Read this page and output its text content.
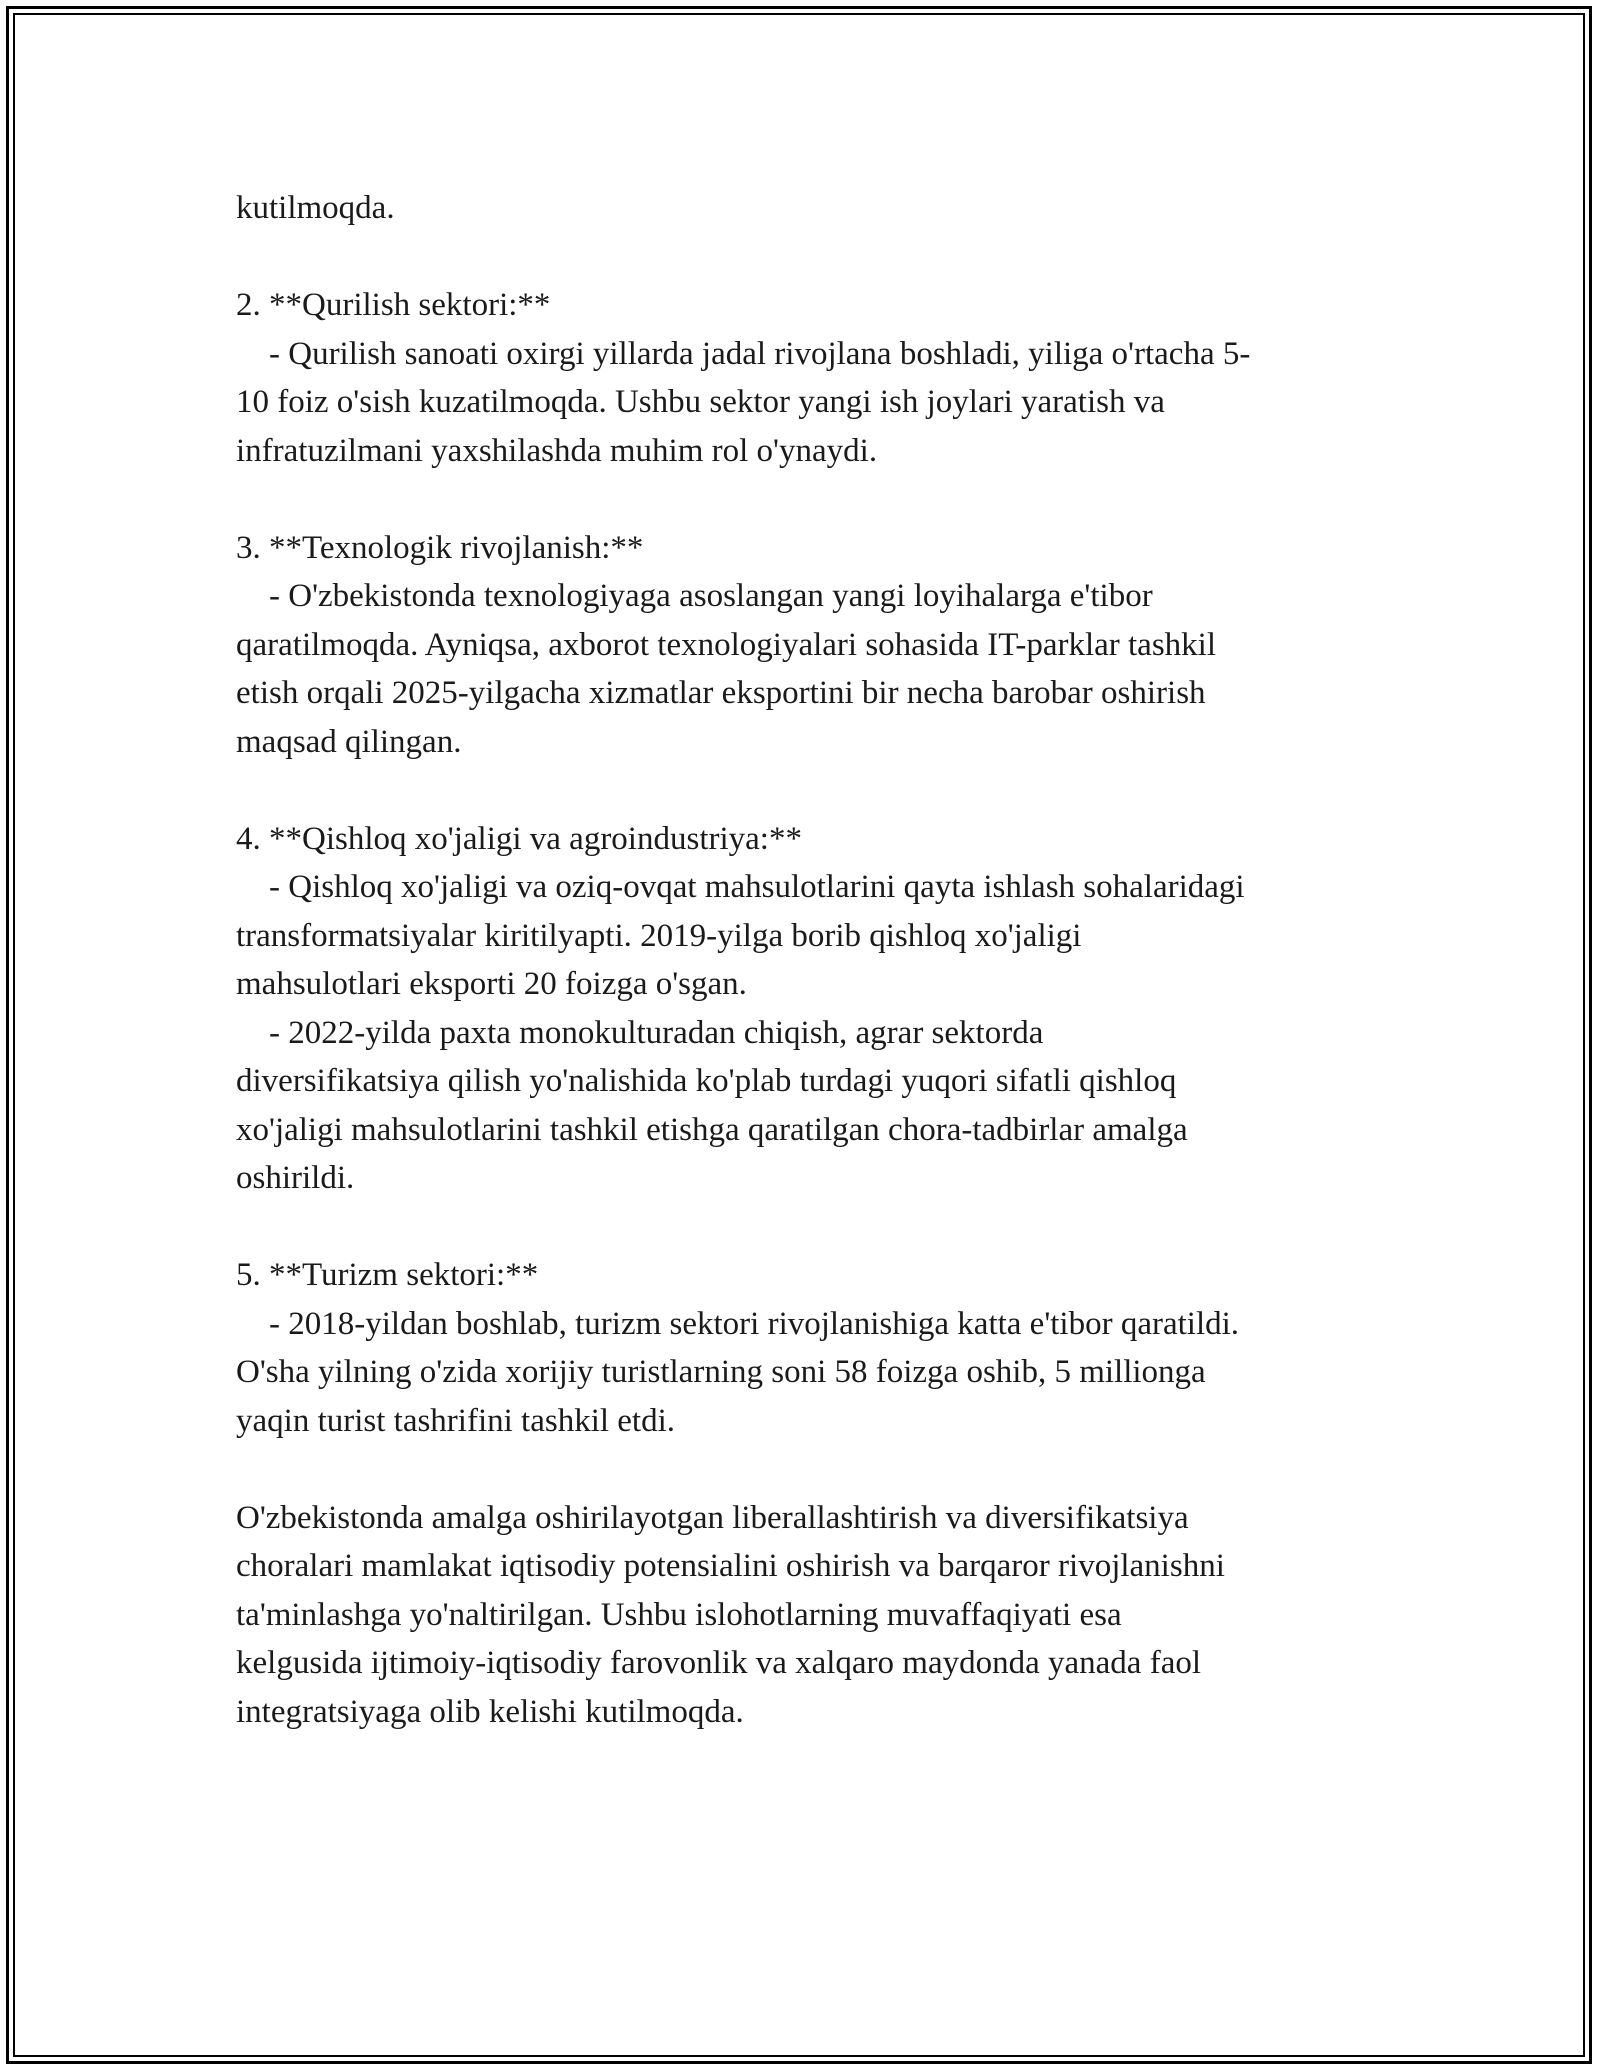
kutilmoqda.
2. **Qurilish sektori:**
- Qurilish sanoati oxirgi yillarda jadal rivojlana boshladi, yiliga o'rtacha 5-
10 foiz o'sish kuzatilmoqda. Ushbu sektor yangi ish joylari yaratish va
infratuzilmani yaxshilashda muhim rol o'ynaydi.
3. **Texnologik rivojlanish:**
- O'zbekistonda texnologiyaga asoslangan yangi loyihalarga e'tibor
qaratilmoqda. Ayniqsa, axborot texnologiyalari sohasida IT-parklar tashkil
etish orqali 2025-yilgacha xizmatlar eksportini bir necha barobar oshirish
maqsad qilingan.
4. **Qishloq xo'jaligi va agroindustriya:**
- Qishloq xo'jaligi va oziq-ovqat mahsulotlarini qayta ishlash sohalaridagi
transformatsiyalar kiritilyapti. 2019-yilga borib qishloq xo'jaligi
mahsulotlari eksporti 20 foizga o'sgan.
- 2022-yilda paxta monokulturadan chiqish, agrar sektorda
diversifikatsiya qilish yo'nalishida ko'plab turdagi yuqori sifatli qishloq
xo'jaligi mahsulotlarini tashkil etishga qaratilgan chora-tadbirlar amalga
oshirildi.
5. **Turizm sektori:**
- 2018-yildan boshlab, turizm sektori rivojlanishiga katta e'tibor qaratildi.
O'sha yilning o'zida xorijiy turistlarning soni 58 foizga oshib, 5 millionga
yaqin turist tashrifini tashkil etdi.
O'zbekistonda amalga oshirilayotgan liberallashtirish va diversifikatsiya
choralari mamlakat iqtisodiy potensialini oshirish va barqaror rivojlanishni
ta'minlashga yo'naltirilgan. Ushbu islohotlarning muvaffaqiyati esa
kelgusida ijtimoiy-iqtisodiy farovonlik va xalqaro maydonda yanada faol
integratsiyaga olib kelishi kutilmoqda.
